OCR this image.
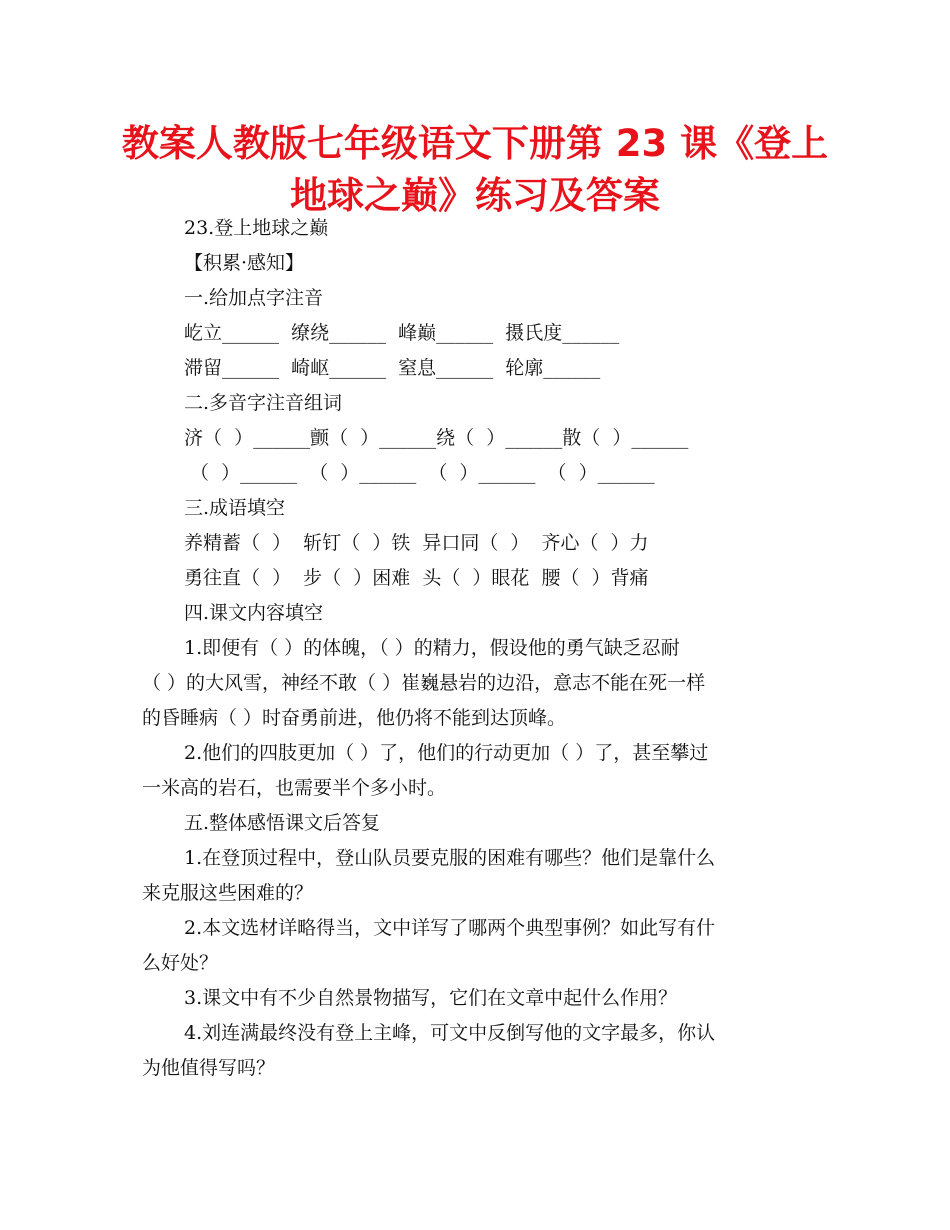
教案人教版七年级语文下册第 23 课《登上
地球之巅》练习及答案
23.登上地球之巅
【积累·感知】
一.给加点字注音
屹立______  缭绕______  峰巅______  摄氏度______
滞留______  崎岖______  窒息______  轮廓______
二.多音字注音组词
济（  ）______颤（  ）______绕（  ）______散（  ）______
（  ）______  （  ）______  （  ）______  （  ）______
三.成语填空
养精蓄（  ）  斩钉（  ）铁  异口同（  ）  齐心（  ）力
勇往直（  ）  步（  ）困难  头（  ）眼花  腰（  ）背痛
四.课文内容填空
1.即便有（ ）的体魄，（ ）的精力，假设他的勇气缺乏忍耐
（ ）的大风雪，神经不敢（ ）崔巍悬岩的边沿，意志不能在死一样
的昏睡病（ ）时奋勇前进，他仍将不能到达顶峰。
2.他们的四肢更加（ ）了，他们的行动更加（ ）了，甚至攀过
一米高的岩石，也需要半个多小时。
五.整体感悟课文后答复
1.在登顶过程中，登山队员要克服的困难有哪些？他们是靠什么
来克服这些困难的？
2.本文选材详略得当，文中详写了哪两个典型事例？如此写有什
么好处？
3.课文中有不少自然景物描写，它们在文章中起什么作用？
4.刘连满最终没有登上主峰，可文中反倒写他的文字最多，你认
为他值得写吗？
